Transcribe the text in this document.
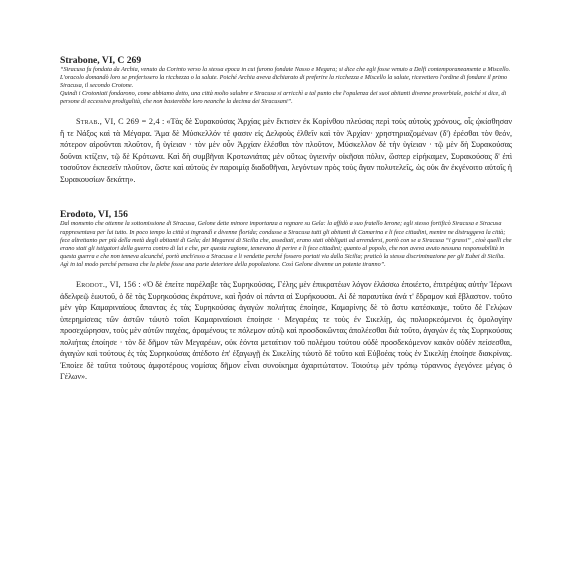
Strabone, VI, C 269

“Siracusa fu fondata da Archia, venuto da Corinto verso la stessa epoca in cui furono fondate Nasso e Megara; si dice che egli fosse venuto a Delfi contemporaneamente a Miscello.

L'oracolo domandò loro se preferissero la ricchezza o la salute. Poiché Archia aveva dichiarato di preferire la ricchezza e Miscello la salute, ricevettero l'ordine di fondare il primo Siracusa, il secondo Crotone.

Quindi i Crotoniati fondarono, come abbiamo detto, una città molto salubre e Siracusa si arricchì a tal punto che l'opulenza dei suoi abitanti divenne proverbiale, poiché si dice, di persone di eccessiva prodigalità, che non basterebbe loro neanche la decima dei Siracusani”.

Strab., VI, C 269 = 2,4 : «Τὰς δὲ Συρακούσας Ἀρχίας μὲν ἔκτισεν ἐκ Κορίνθου πλεύσας περὶ τοὺς αὐτοὺς χρόνους, οἷς ᾠκίσθησαν ἥ τε Νάξος καὶ τὰ Μέγαρα. Ἅμα δὲ Μύσκελλόν τέ φασιν εἰς Δελφοὺς ἐλθεῖν καὶ τὸν Ἀρχίαν· χρηστηριαζομένων (δ') ἐρέσθαι τὸν θεόν, πότερον αἱροῦνται πλοῦτον, ἢ ὑγίειαν · τὸν μὲν οὖν Ἀρχίαν ἑλέσθαι τὸν πλοῦτον, Μύσκελλον δὲ τὴν ὑγίειαν · τῷ μὲν δὴ Συρακούσας δοῦναι κτίζειν, τῷ δὲ Κρότωνα. Καὶ δὴ συμβῆναι Κροτωνιάτας μὲν οὕτως ὑγιεινὴν οἰκῆσαι πόλιν, ὥσπερ εἰρήκαμεν, Συρακούσας δ' ἐπὶ τοσοῦτον ἐκπεσεῖν πλοῦτον, ὥστε καὶ αὐτοὺς ἐν παροιμίᾳ διαδοθῆναι, λεγόντων πρὸς τοὺς ἄγαν πολυτελεῖς, ὡς οὐκ ἂν ἐκγένοιτο αὐτοῖς ἡ Συρακουσίων δεκάτη».

Erodoto, VI, 156

Dal momento che ottenne la sottomissione di Siracusa, Gelone dette minore importanza a regnare su Gela: la affidò a suo fratello Ierone; egli stesso fortificò Siracusa e Siracusa rappresentava per lui tutto. In poco tempo la città si ingrandì e divenne florida; condusse a Siracusa tutti gli abitanti di Camarina e li fece cittadini, mentre ne distruggeva la città; fece altrettanto per più della metà degli abitanti di Gela; dei Megaresi di Sicilia che, assediati, erano stati obbligati ad arrendersi, portò con se a Siracusa “i grassi” , cioè quelli che erano stati gli istigatori della guerra contro di lui e che, per questa ragione, temevano di perire e li fece cittadini; quanto al popolo, che non aveva avuto nessuna responsabilità in questa guerra e che non temeva alcunché, portò anch'esso a Siracusa e li vendette perché fossero portati via dalla Sicilia; praticò la stessa discriminazione per gli Eubei di Sicilia. Agì in tal modo perché pensava che la plebe fosse una parte deteriore della popolazione. Così Gelone divenne un potente tiranno”.

Erodot., VI, 156 : «Ὁ δὲ ἐπείτε παρέλαβε τὰς Συρηκούσας, Γέλης μὲν ἐπικρατέων λόγον ἐλάσσω ἐποιέετο, ἐπιτρέψας αὐτὴν Ἱέρωνι ἀδελφεῷ ἑωυτοῦ, ὁ δὲ τὰς Συρηκούσας ἐκράτυνε, καὶ ἦσάν οἱ πάντα αἱ Συρήκουσαι. Αἱ δὲ παραυτίκα ἀνά τ' ἔδραμον καὶ ἔβλαστον. τοῦτο μὲν γὰρ Καμαριναίους ἅπαντας ἐς τὰς Συρηκούσας ἀγαγὼν πολιήτας ἐποίησε, Καμαρίνης δὲ τὸ ἄστυ κατέσκαψε, τοῦτο δὲ Γελῴων ὑπερημίσεας τῶν ἀστῶν τὠυτὸ τοῖσι Καμαριναίοισι ἐποίησε · Μεγαρέας τε τοὺς ἐν Σικελίῃ, ὡς πολιορκεόμενοι ἐς ὁμολογίην προσεχώρησαν, τοὺς μὲν αὐτῶν παχέας, ἀραμένους τε πόλεμον αὐτῷ καὶ προσδοκῶντας ἀπολέεσθαι διὰ τοῦτο, ἀγαγὼν ἐς τὰς Συρηκούσας πολιήτας ἐποίησε · τὸν δὲ δῆμον τῶν Μεγαρέων, οὐκ ἐόντα μεταίτιον τοῦ πολέμου τούτου οὐδὲ προσδεκόμενον κακὸν οὐδὲν πείσεσθαι, ἀγαγὼν καὶ τούτους ἐς τὰς Συρηκούσας ἀπέδοτο ἐπ' ἐξαγωγῇ ἐκ Σικελίης τὠυτὸ δὲ τοῦτο καὶ Εὐβοέας τοὺς ἐν Σικελίῃ ἐποίησε διακρίνας. Ἐποίεε δὲ ταῦτα τούτους ἀμφοτέρους νομίσας δῆμον εἶναι συνοίκημα ἀχαριτώτατον. Τοιούτῳ μὲν τρόπῳ τύραννος ἐγεγόνεε μέγας ὁ Γέλων».
